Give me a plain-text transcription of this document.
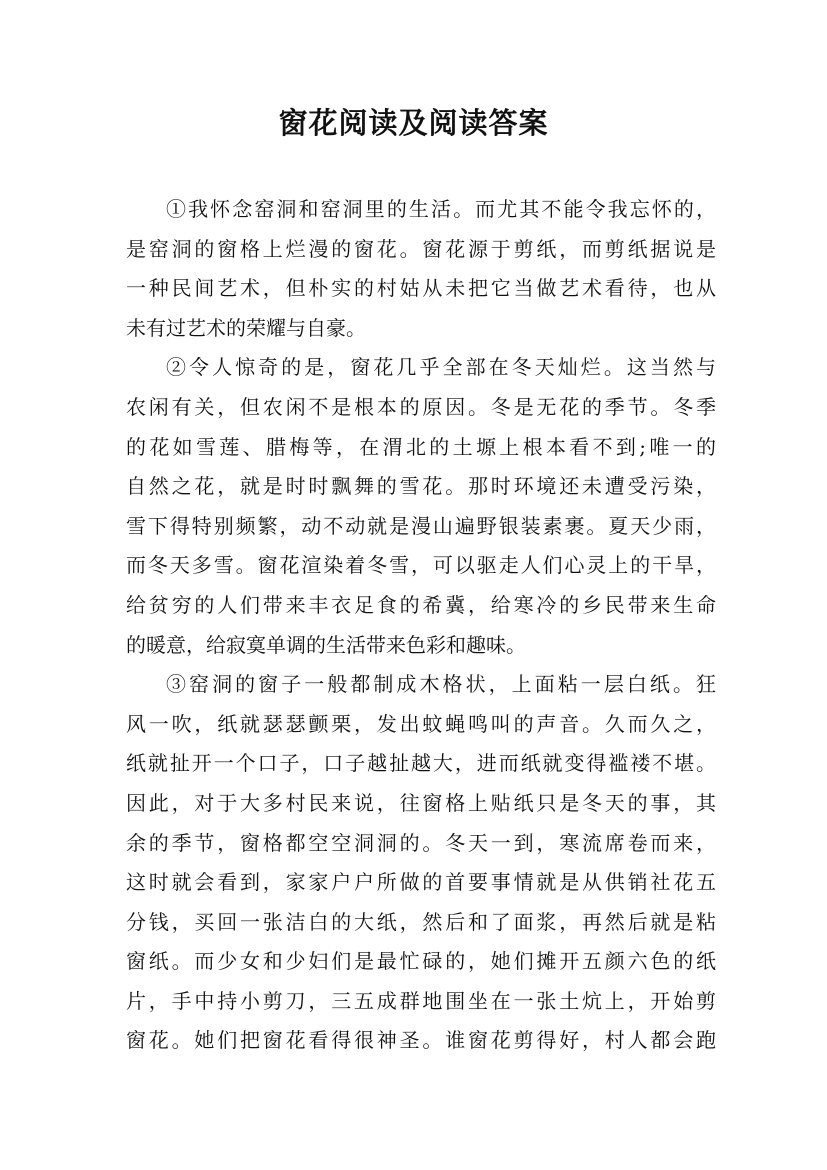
窗花阅读及阅读答案
①我怀念窑洞和窑洞里的生活。而尤其不能令我忘怀的，
是窑洞的窗格上烂漫的窗花。窗花源于剪纸，而剪纸据说是
一种民间艺术，但朴实的村姑从未把它当做艺术看待，也从
未有过艺术的荣耀与自豪。
②令人惊奇的是，窗花几乎全部在冬天灿烂。这当然与
农闲有关，但农闲不是根本的原因。冬是无花的季节。冬季
的花如雪莲、腊梅等，在渭北的土塬上根本看不到;唯一的
自然之花，就是时时飘舞的雪花。那时环境还未遭受污染，
雪下得特别频繁，动不动就是漫山遍野银装素裹。夏天少雨，
而冬天多雪。窗花渲染着冬雪，可以驱走人们心灵上的干旱，
给贫穷的人们带来丰衣足食的希冀，给寒冷的乡民带来生命
的暖意，给寂寞单调的生活带来色彩和趣味。
③窑洞的窗子一般都制成木格状，上面粘一层白纸。狂
风一吹，纸就瑟瑟颤栗，发出蚊蝇鸣叫的声音。久而久之，
纸就扯开一个口子，口子越扯越大，进而纸就变得褴褛不堪。
因此，对于大多村民来说，往窗格上贴纸只是冬天的事，其
余的季节，窗格都空空洞洞的。冬天一到，寒流席卷而来，
这时就会看到，家家户户所做的首要事情就是从供销社花五
分钱，买回一张洁白的大纸，然后和了面浆，再然后就是粘
窗纸。而少女和少妇们是最忙碌的，她们摊开五颜六色的纸
片，手中持小剪刀，三五成群地围坐在一张土炕上，开始剪
窗花。她们把窗花看得很神圣。谁窗花剪得好，村人都会跑
